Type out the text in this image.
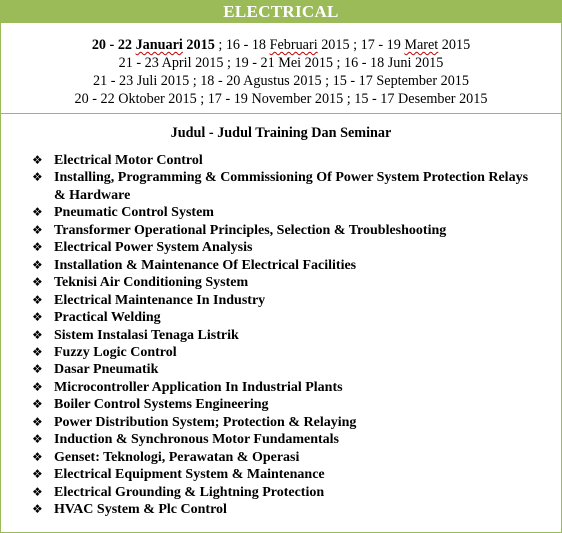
ELECTRICAL
20 - 22 Januari 2015 ; 16 - 18 Februari 2015 ; 17 - 19 Maret 2015
21 - 23 April 2015 ; 19 - 21 Mei 2015 ; 16 - 18 Juni 2015
21 - 23 Juli 2015 ; 18 - 20 Agustus 2015 ; 15 - 17 September 2015
20 - 22 Oktober 2015 ; 17 - 19 November 2015 ; 15 - 17 Desember 2015
Judul - Judul Training Dan Seminar
❖ Electrical Motor Control
❖ Installing, Programming & Commissioning Of Power System Protection Relays & Hardware
❖ Pneumatic Control System
❖ Transformer Operational Principles, Selection & Troubleshooting
❖ Electrical Power System Analysis
❖ Installation & Maintenance Of Electrical Facilities
❖ Teknisi Air Conditioning System
❖ Electrical Maintenance In Industry
❖ Practical Welding
❖ Sistem Instalasi Tenaga Listrik
❖ Fuzzy Logic Control
❖ Dasar Pneumatik
❖ Microcontroller Application In Industrial Plants
❖ Boiler Control Systems Engineering
❖ Power Distribution System; Protection & Relaying
❖ Induction & Synchronous Motor Fundamentals
❖ Genset: Teknologi, Perawatan & Operasi
❖ Electrical Equipment System & Maintenance
❖ Electrical Grounding & Lightning Protection
❖ HVAC System & Plc Control
